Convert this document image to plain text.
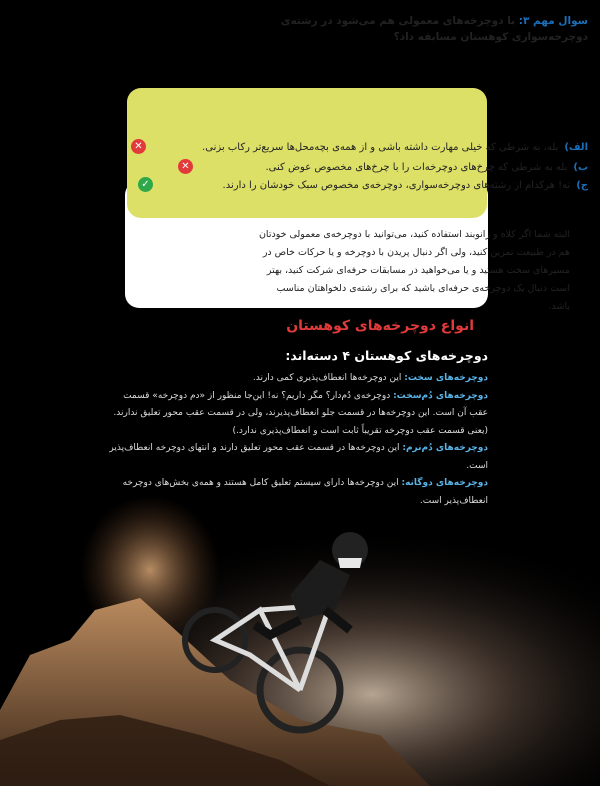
سوال مهم ۳: با دوچرخه‌های معمولی هم می‌شود در رشته‌ی دوچرخه‌سواری کوهستان مسابقه داد؟

الف)
بله، به شرطی که خیلی مهارت داشته باشی و از همه‌ی بچه‌محل‌ها سریع‌تر رکاب بزنی.
ب)
بله به شرطی که چرخ‌های دوچرخه‌ات را با چرخ‌های مخصوص عوض کنی.
✕
✕
ج)
نه! هرکدام از رشته‌های دوچرخه‌سواری، دوچرخه‌ی مخصوص سبک خودشان را دارند.
✓

البته شما اگر کلاه و زانوبند استفاده کنید، می‌توانید با دوچرخه‌ی معمولی خودتان هم در طبیعت تمرین کنید، ولی اگر دنبال پریدن با دوچرخه و یا حرکات خاص در مسیرهای سخت هستید و یا می‌خواهید در مسابقات حرفه‌ای شرکت کنید، بهتر است دنبال یک دوچرخه‌ی حرفه‌ای باشید که برای رشته‌ی دلخواهتان مناسب باشد.

انواع دوچرخه‌های کوهستان
دوچرخه‌های کوهستان ۴ دسته‌اند:
دوچرخه‌های سخت: این دوچرخه‌ها انعطاف‌پذیری کمی دارند.
دوچرخه‌های دُم‌سخت: دوچرخه‌ی دُم‌دار؟ مگر داریم؟ نه! این‌جا منظور از «دم دوچرخه» قسمت عقب آن است. این دوچرخه‌ها در قسمت جلو انعطاف‌پذیرند، ولی در قسمت عقب محور تعلیق ندارند. (یعنی قسمت عقب دوچرخه تقریباً ثابت است و انعطاف‌پذیری ندارد.)
دوچرخه‌های دُم‌نرم: این دوچرخه‌ها در قسمت عقب محور تعلیق دارند و انتهای دوچرخه انعطاف‌پذیر است.
دوچرخه‌های دوگانه: این دوچرخه‌ها دارای سیستم تعلیق کامل هستند و همه‌ی بخش‌های دوچرخه انعطاف‌پذیر است.
